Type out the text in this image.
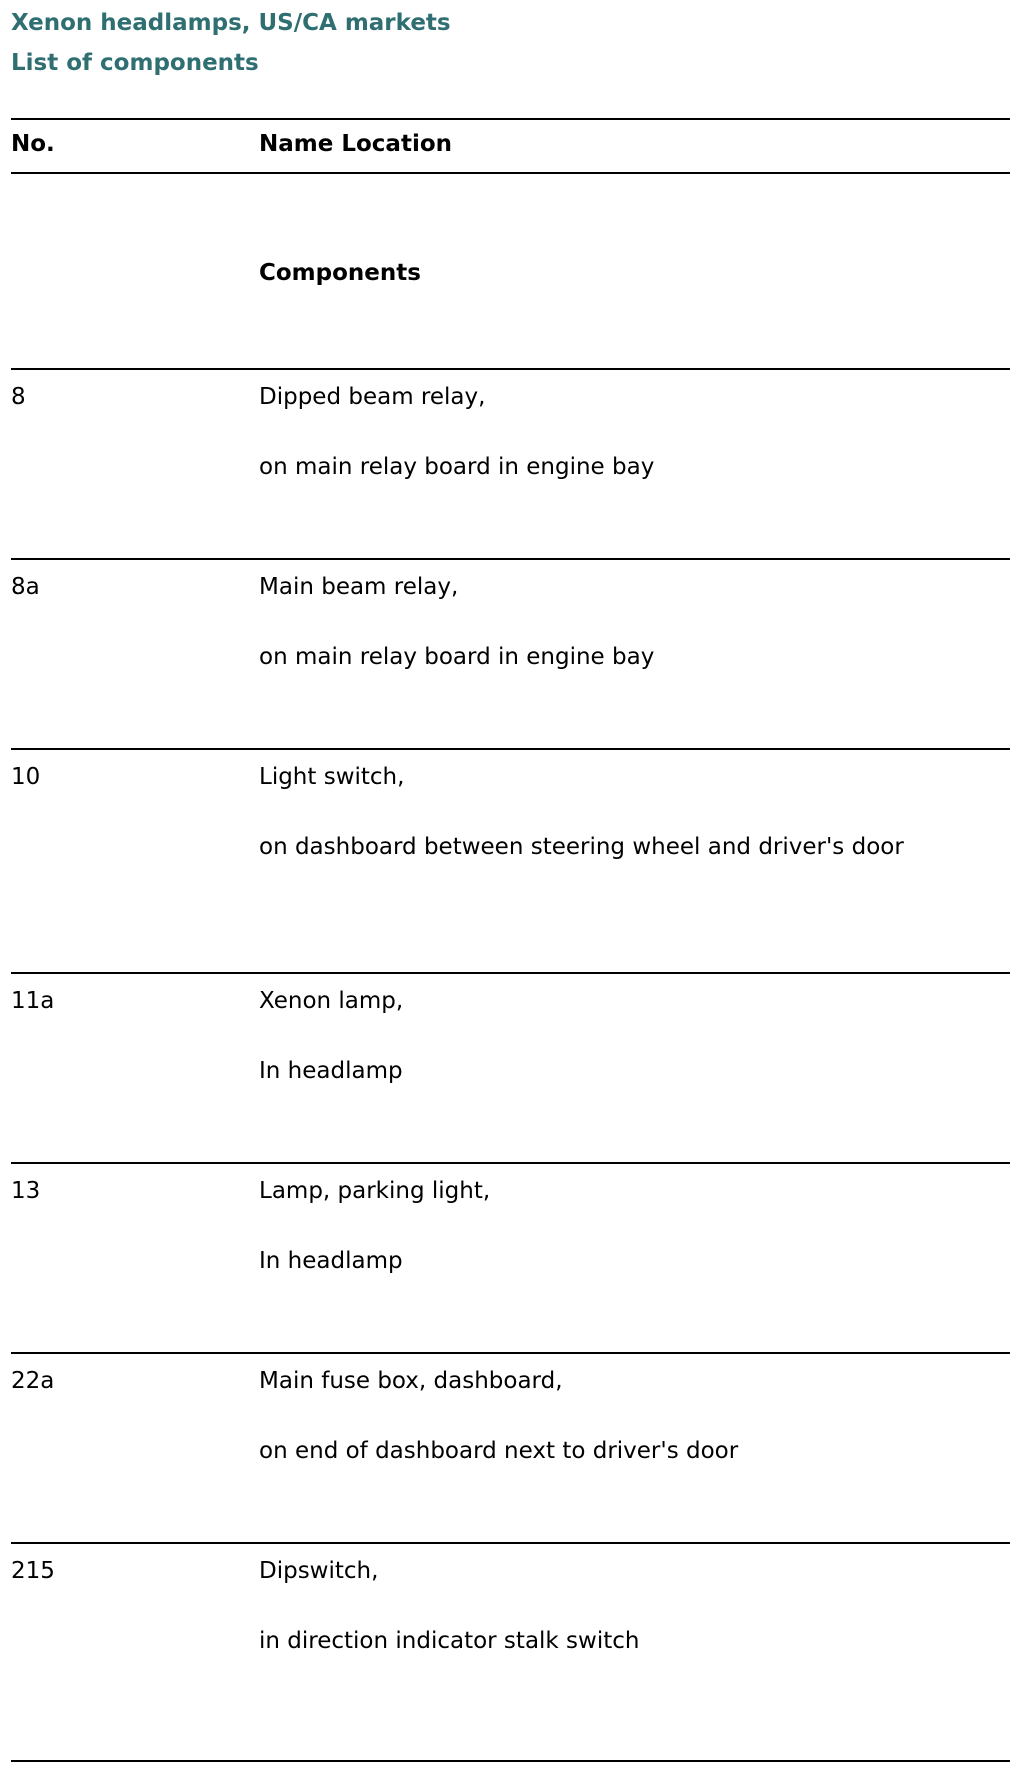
Xenon headlamps, US/CA markets
List of components
No.	Name Location
Components
8	Dipped beam relay,
on main relay board in engine bay
8a	Main beam relay,
on main relay board in engine bay
10	Light switch,
on dashboard between steering wheel and driver's door
11a	Xenon lamp,
In headlamp
13	Lamp, parking light,
In headlamp
22a	Main fuse box, dashboard,
on end of dashboard next to driver's door
215	Dipswitch,
in direction indicator stalk switch
